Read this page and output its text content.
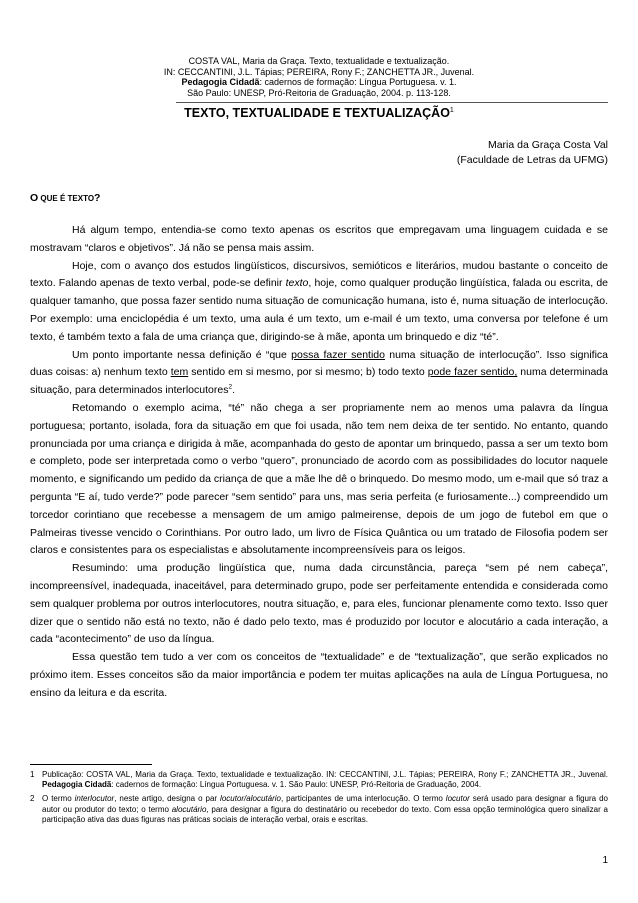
COSTA VAL, Maria da Graça. Texto, textualidade e textualização.
IN: CECCANTINI, J.L. Tápias; PEREIRA, Rony F.; ZANCHETTA JR., Juvenal.
Pedagogia Cidadã: cadernos de formação: Língua Portuguesa. v. 1.
São Paulo: UNESP, Pró-Reitoria de Graduação, 2004. p. 113-128.
TEXTO, TEXTUALIDADE E TEXTUALIZAÇÃO$^1$
Maria da Graça Costa Val
(Faculdade de Letras da UFMG)
O QUE É TEXTO?

Há algum tempo, entendia-se como texto apenas os escritos que empregavam uma linguagem cuidada e se mostravam “claros e objetivos”. Já não se pensa mais assim.

Hoje, com o avanço dos estudos lingüísticos, discursivos, semióticos e literários, mudou bastante o conceito de texto. Falando apenas de texto verbal, pode-se definir texto, hoje, como qualquer produção lingüística, falada ou escrita, de qualquer tamanho, que possa fazer sentido numa situação de comunicação humana, isto é, numa situação de interlocução. Por exemplo: uma enciclopédia é um texto, uma aula é um texto, um e-mail é um texto, uma conversa por telefone é um texto, é também texto a fala de uma criança que, dirigindo-se à mãe, aponta um brinquedo e diz “té”.

Um ponto importante nessa definição é “que possa fazer sentido numa situação de interlocução”. Isso significa duas coisas: a) nenhum texto tem sentido em si mesmo, por si mesmo; b) todo texto pode fazer sentido, numa determinada situação, para determinados interlocutores$^2$.

Retomando o exemplo acima, “té” não chega a ser propriamente nem ao menos uma palavra da língua portuguesa; portanto, isolada, fora da situação em que foi usada, não tem nem deixa de ter sentido. No entanto, quando pronunciada por uma criança e dirigida à mãe, acompanhada do gesto de apontar um brinquedo, passa a ser um texto bom e completo, pode ser interpretada como o verbo “quero”, pronunciado de acordo com as possibilidades do locutor naquele momento, e significando um pedido da criança de que a mãe lhe dê o brinquedo. Do mesmo modo, um e-mail que só traz a pergunta “E aí, tudo verde?” pode parecer “sem sentido” para uns, mas seria perfeita (e furiosamente...) compreendido um torcedor corintiano que recebesse a mensagem de um amigo palmeirense, depois de um jogo de futebol em que o Palmeiras tivesse vencido o Corinthians. Por outro lado, um livro de Física Quântica ou um tratado de Filosofia podem ser claros e consistentes para os especialistas e absolutamente incompreensíveis para os leigos.

Resumindo: uma produção lingüística que, numa dada circunstância, pareça “sem pé nem cabeça”, incompreensível, inadequada, inaceitável, para determinado grupo, pode ser perfeitamente entendida e considerada como sem qualquer problema por outros interlocutores, noutra situação, e, para eles, funcionar plenamente como texto. Isso quer dizer que o sentido não está no texto, não é dado pelo texto, mas é produzido por locutor e alocutário a cada interação, a cada “acontecimento” de uso da língua.

Essa questão tem tudo a ver com os conceitos de “textualidade” e de “textualização”, que serão explicados no próximo item. Esses conceitos são da maior importância e podem ter muitas aplicações na aula de Língua Portuguesa, no ensino da leitura e da escrita.

1 Publicação: COSTA VAL, Maria da Graça. Texto, textualidade e textualização. IN: CECCANTINI, J.L. Tápias; PEREIRA, Rony F.; ZANCHETTA JR., Juvenal. Pedagogia Cidadã: cadernos de formação: Língua Portuguesa. v. 1. São Paulo: UNESP, Pró-Reitoria de Graduação, 2004.
2 O termo interlocutor, neste artigo, designa o par locutor/alocutário, participantes de uma interlocução. O termo locutor será usado para designar a figura do autor ou produtor do texto; o termo alocutário, para designar a figura do destinatário ou recebedor do texto. Com essa opção terminológica quero sinalizar a participação ativa das duas figuras nas práticas sociais de interação verbal, orais e escritas.
1
